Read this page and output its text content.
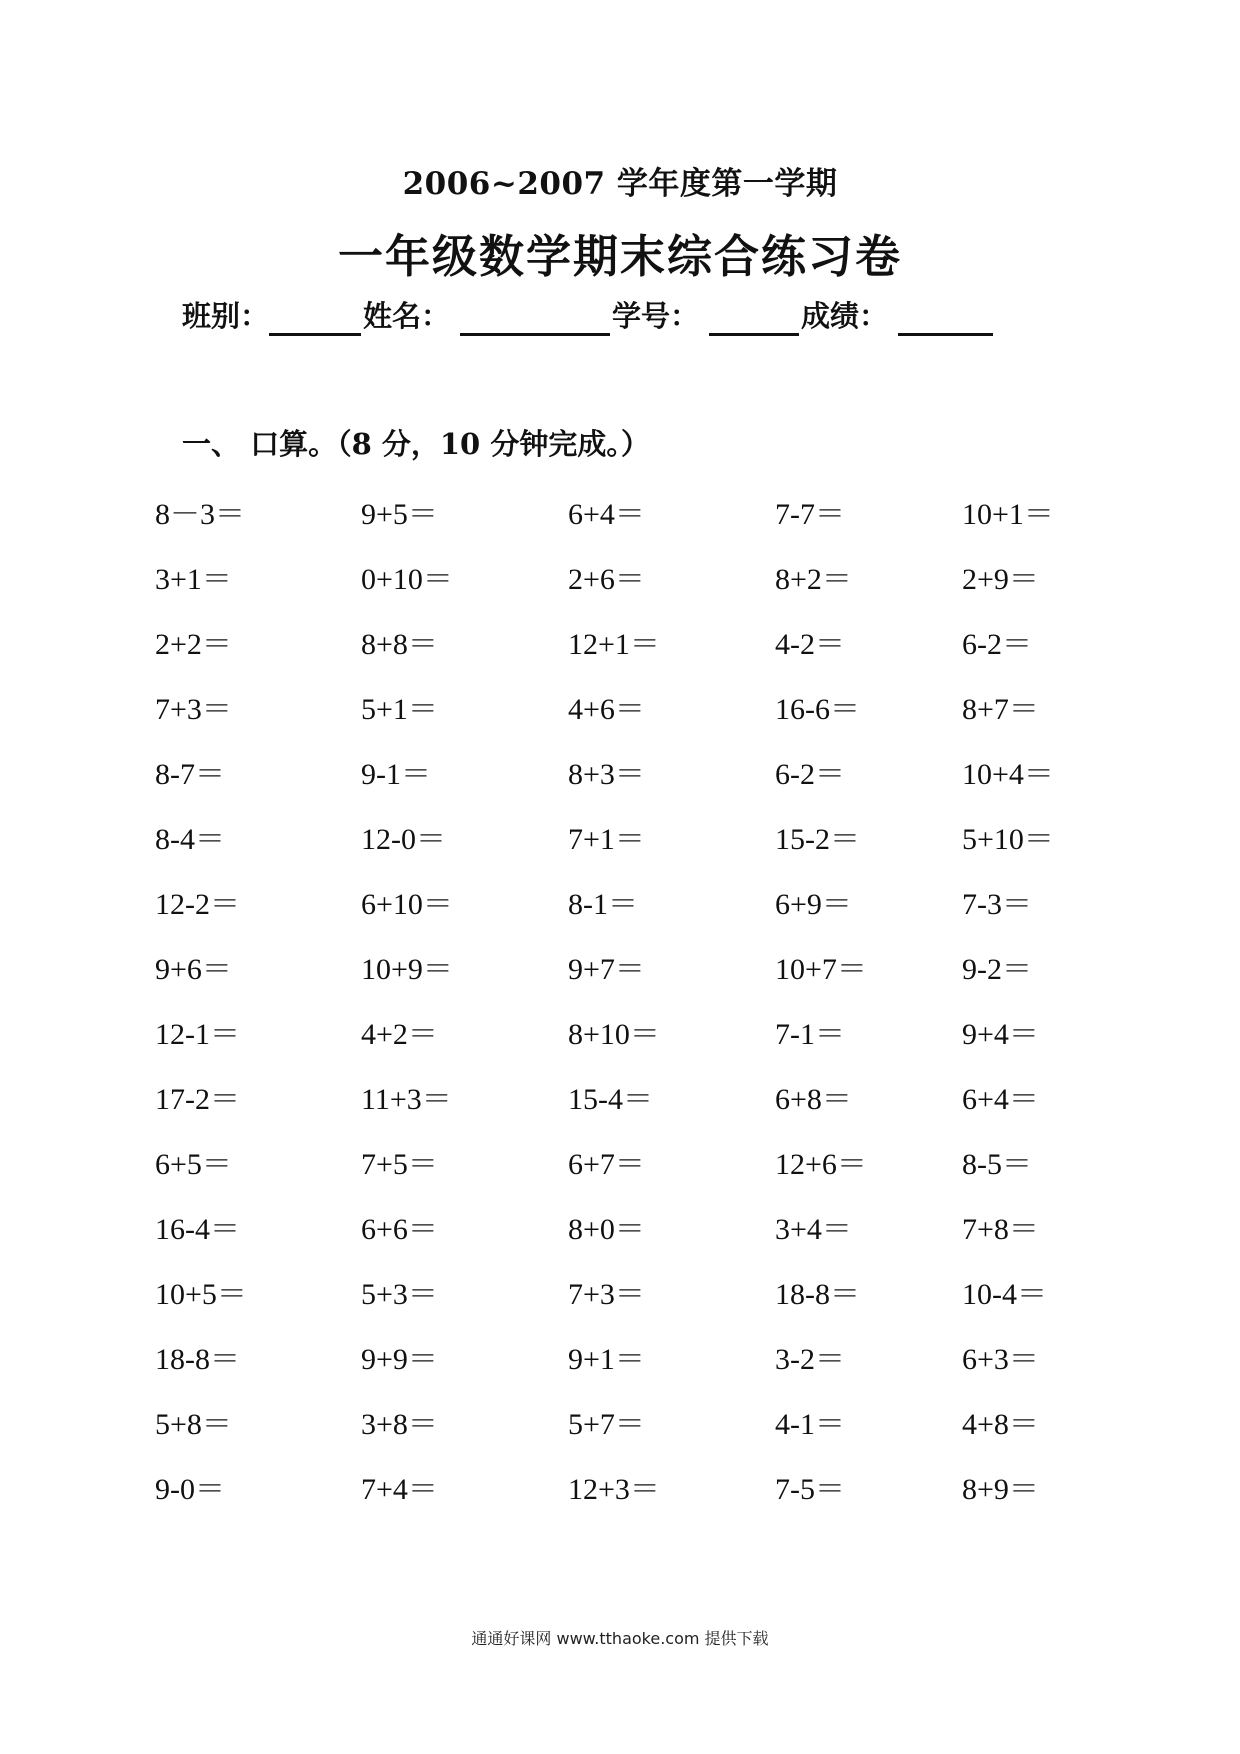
2006~2007 学年度第一学期
一年级数学期末综合练习卷
班别：	姓名：	学号：	成绩：
一、 口算。（8 分，10 分钟完成。）
8－3＝	9+5＝	6+4＝	7-7＝	10+1＝
3+1＝	0+10＝	2+6＝	8+2＝	2+9＝
2+2＝	8+8＝	12+1＝	4-2＝	6-2＝
7+3＝	5+1＝	4+6＝	16-6＝	8+7＝
8-7＝	9-1＝	8+3＝	6-2＝	10+4＝
8-4＝	12-0＝	7+1＝	15-2＝	5+10＝
12-2＝	6+10＝	8-1＝	6+9＝	7-3＝
9+6＝	10+9＝	9+7＝	10+7＝	9-2＝
12-1＝	4+2＝	8+10＝	7-1＝	9+4＝
17-2＝	11+3＝	15-4＝	6+8＝	6+4＝
6+5＝	7+5＝	6+7＝	12+6＝	8-5＝
16-4＝	6+6＝	8+0＝	3+4＝	7+8＝
10+5＝	5+3＝	7+3＝	18-8＝	10-4＝
18-8＝	9+9＝	9+1＝	3-2＝	6+3＝
5+8＝	3+8＝	5+7＝	4-1＝	4+8＝
9-0＝	7+4＝	12+3＝	7-5＝	8+9＝
通通好课网 www.tthaoke.com 提供下载
